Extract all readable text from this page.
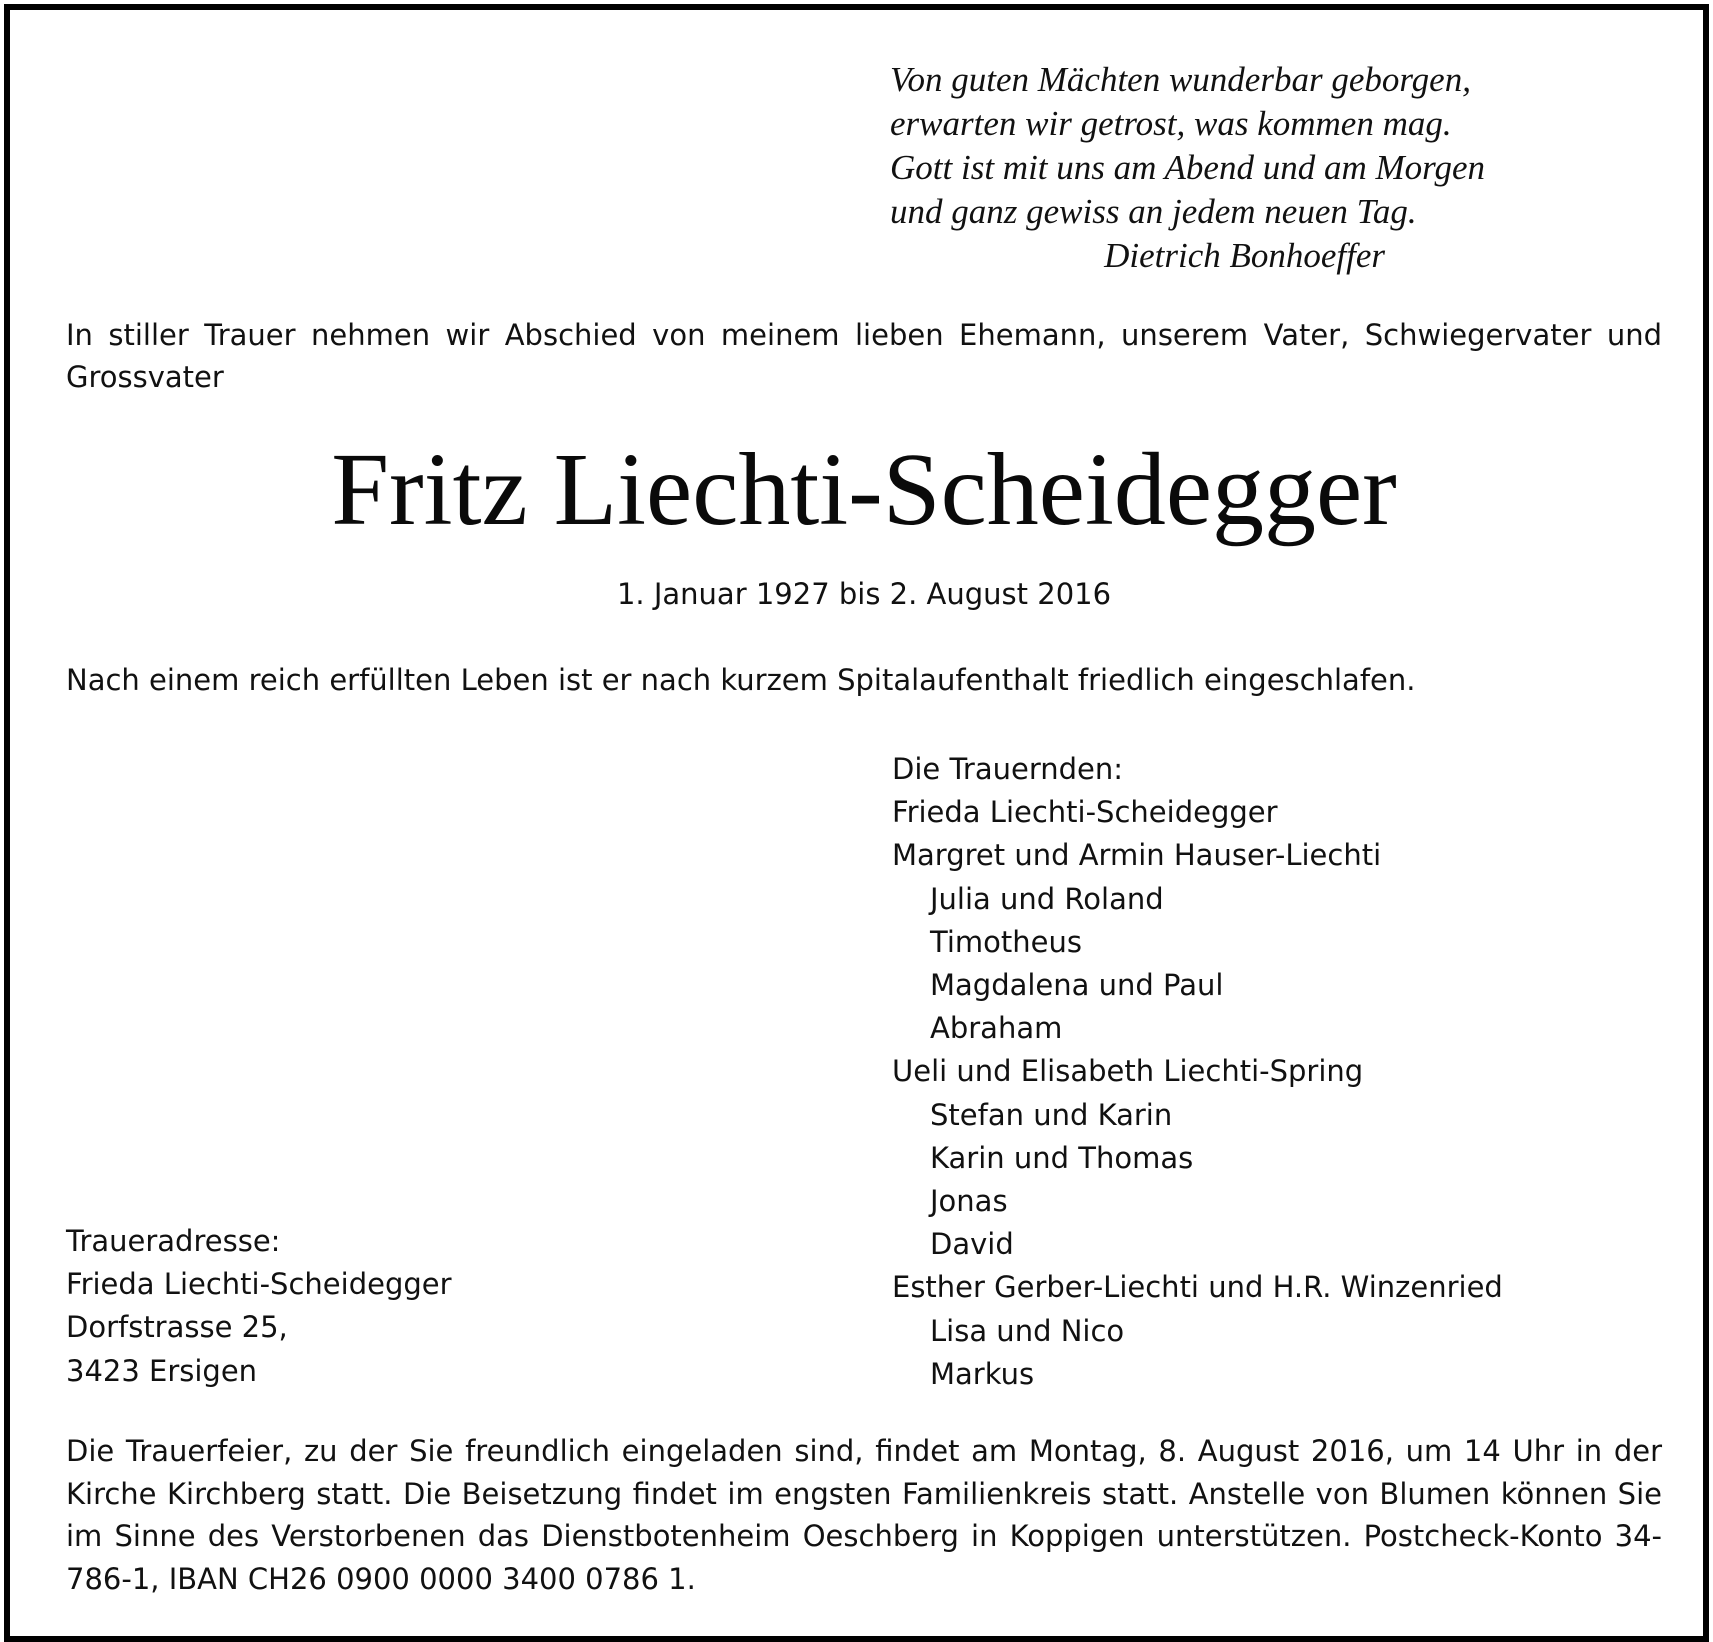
Von guten Mächten wunderbar geborgen,
erwarten wir getrost, was kommen mag.
Gott ist mit uns am Abend und am Morgen
und ganz gewiss an jedem neuen Tag.
Dietrich Bonhoeffer
In stiller Trauer nehmen wir Abschied von meinem lieben Ehemann, unserem Vater, Schwiegervater und Grossvater
Fritz Liechti-Scheidegger
1. Januar 1927 bis 2. August 2016
Nach einem reich erfüllten Leben ist er nach kurzem Spitalaufenthalt friedlich eingeschlafen.
Die Trauernden:
Frieda Liechti-Scheidegger
Margret und Armin Hauser-Liechti
Julia und Roland
Timotheus
Magdalena und Paul
Abraham
Ueli und Elisabeth Liechti-Spring
Stefan und Karin
Karin und Thomas
Jonas
David
Esther Gerber-Liechti und H.R. Winzenried
Lisa und Nico
Markus
Traueradresse:
Frieda Liechti-Scheidegger
Dorfstrasse 25,
3423 Ersigen
Die Trauerfeier, zu der Sie freundlich eingeladen sind, findet am Montag, 8. August 2016, um 14 Uhr in der Kirche Kirchberg statt. Die Beisetzung findet im engsten Familienkreis statt. Anstelle von Blumen können Sie im Sinne des Verstorbenen das Dienstbotenheim Oeschberg in Koppigen unterstützen. Postcheck-Konto 34-786-1, IBAN CH26 0900 0000 3400 0786 1.
